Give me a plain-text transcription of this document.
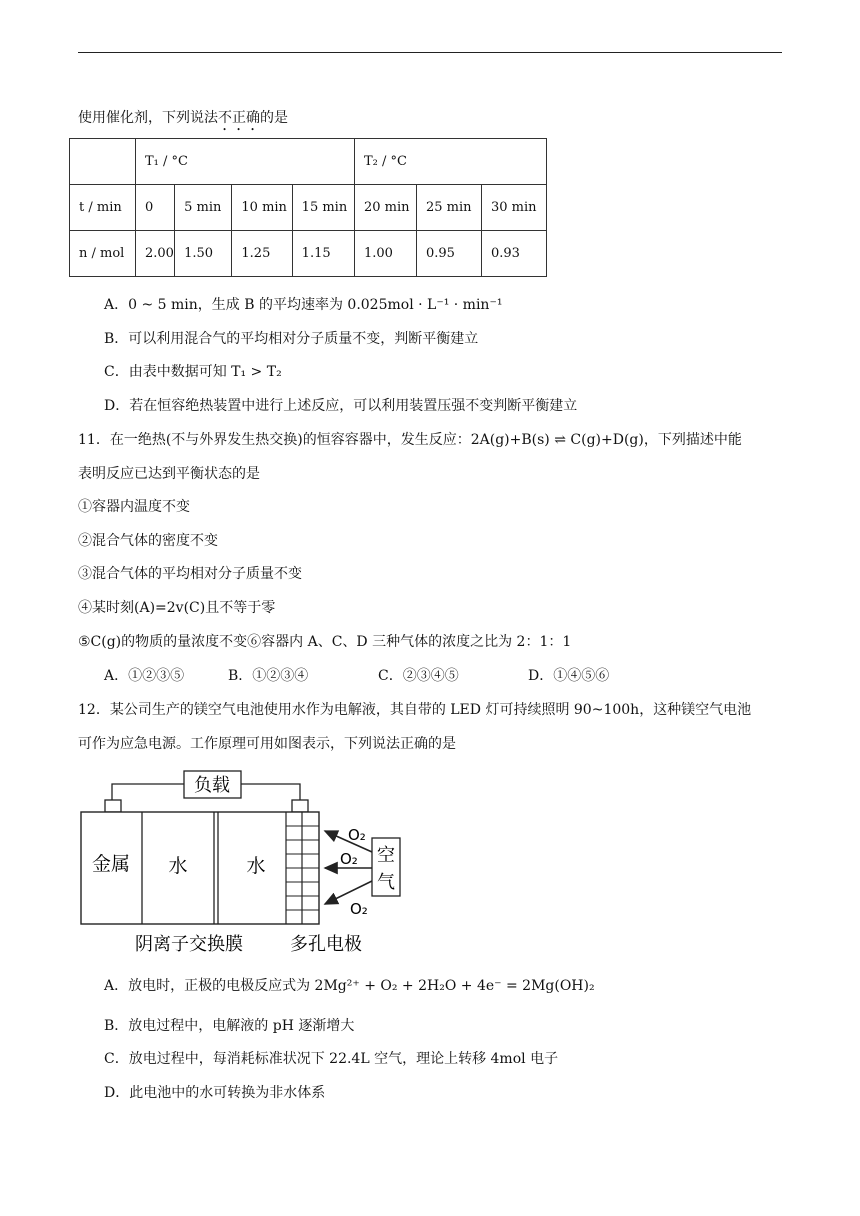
使用催化剂，下列说法不正确的是
	T₁ / °C				T₂ / °C		
t / min	0	5 min	10 min	15 min	20 min	25 min	30 min
n / mol	2.00	1.50	1.25	1.15	1.00	0.95	0.93
A．0 ~ 5 min，生成 B 的平均速率为 0.025mol · L⁻¹ · min⁻¹
B．可以利用混合气的平均相对分子质量不变，判断平衡建立
C．由表中数据可知 T₁ > T₂
D．若在恒容绝热装置中进行上述反应，可以利用装置压强不变判断平衡建立
11．在一绝热(不与外界发生热交换)的恒容容器中，发生反应：2A(g)+B(s) ⇌ C(g)+D(g)，下列描述中能
表明反应已达到平衡状态的是
①容器内温度不变
②混合气体的密度不变
③混合气体的平均相对分子质量不变
④某时刻(A)=2v(C)且不等于零
⑤C(g)的物质的量浓度不变⑥容器内 A、C、D 三种气体的浓度之比为 2：1：1
A．①②③⑤	B．①②③④	C．②③④⑤	D．①④⑤⑥
12．某公司生产的镁空气电池使用水作为电解液，其自带的 LED 灯可持续照明 90~100h，这种镁空气电池
可作为应急电源。工作原理可用如图表示，下列说法正确的是
负载
金属 水	水	空
气
O₂
O₂
O₂
阴离子交换膜	多孔电极
A．放电时，正极的电极反应式为 2Mg²⁺ + O₂ + 2H₂O + 4e⁻ = 2Mg(OH)₂
B．放电过程中，电解液的 pH 逐渐增大
C．放电过程中，每消耗标准状况下 22.4L 空气，理论上转移 4mol 电子
D．此电池中的水可转换为非水体系
